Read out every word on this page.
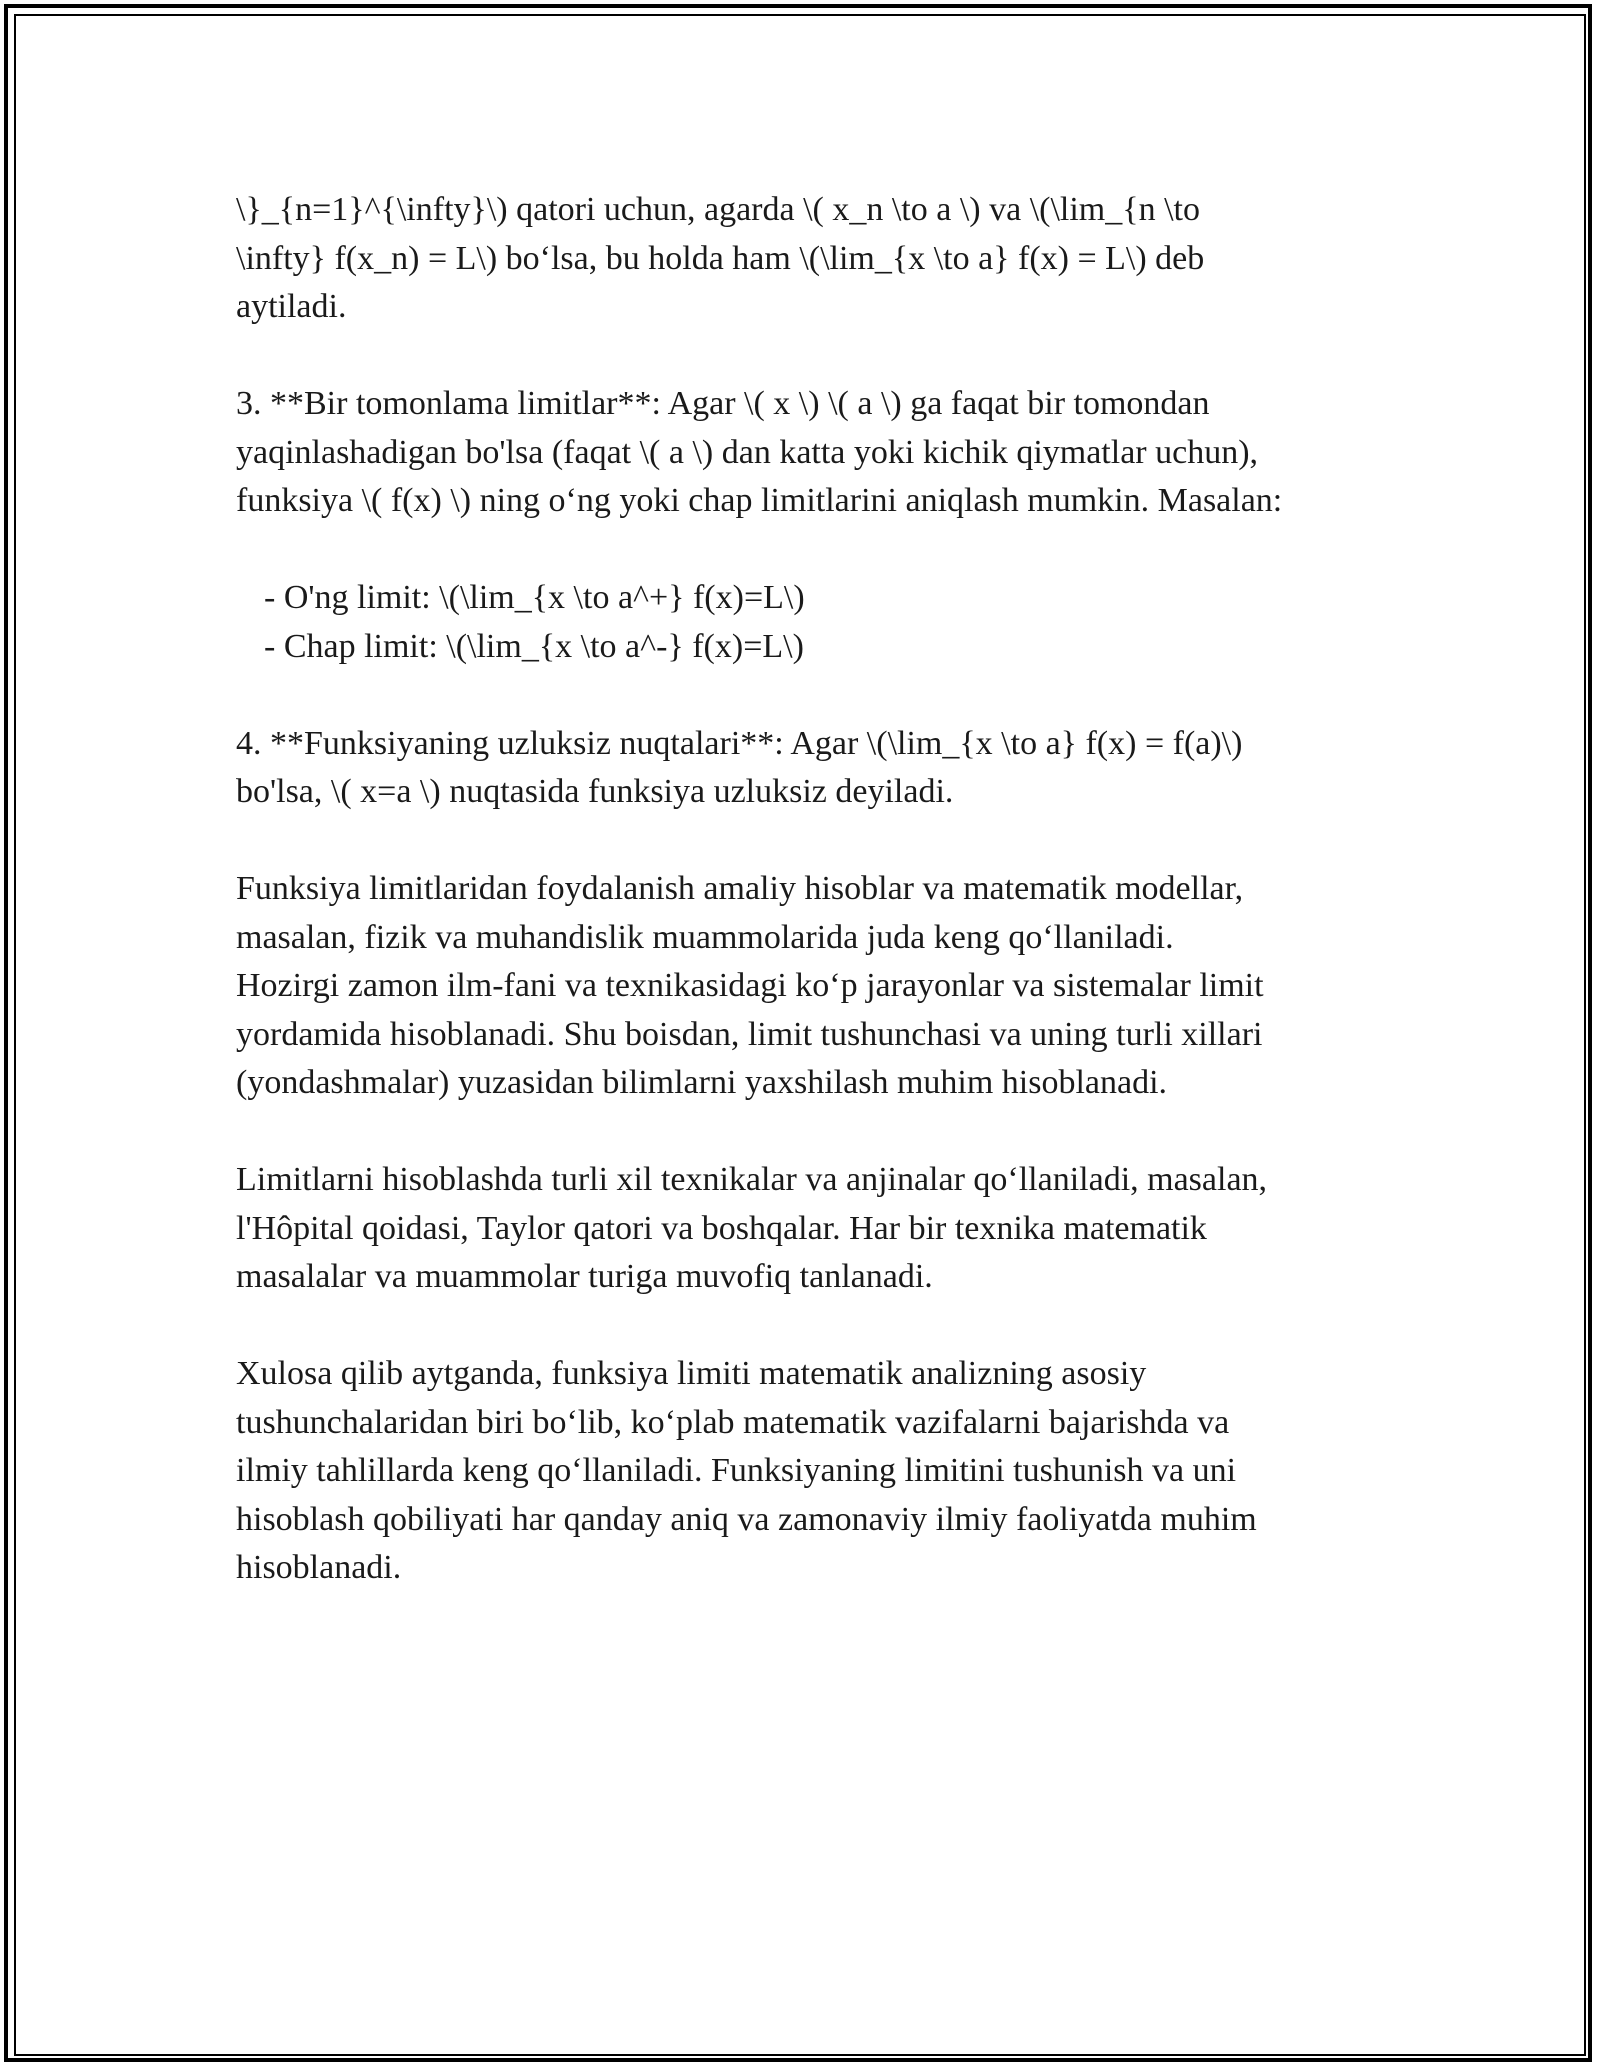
\}_{n=1}^{\infty}\) qatori uchun, agarda \( x_n \to a \) va \(\lim_{n \to
\infty} f(x_n) = L\) bo‘lsa, bu holda ham \(\lim_{x \to a} f(x) = L\) deb
aytiladi.

3. **Bir tomonlama limitlar**: Agar \( x \) \( a \) ga faqat bir tomondan
yaqinlashadigan bo'lsa (faqat \( a \) dan katta yoki kichik qiymatlar uchun),
funksiya \( f(x) \) ning o‘ng yoki chap limitlarini aniqlash mumkin. Masalan:

- O'ng limit: \(\lim_{x \to a^+} f(x)=L\)
- Chap limit: \(\lim_{x \to a^-} f(x)=L\)

4. **Funksiyaning uzluksiz nuqtalari**: Agar \(\lim_{x \to a} f(x) = f(a)\)
bo'lsa, \( x=a \) nuqtasida funksiya uzluksiz deyiladi.

Funksiya limitlaridan foydalanish amaliy hisoblar va matematik modellar,
masalan, fizik va muhandislik muammolarida juda keng qo‘llaniladi.
Hozirgi zamon ilm-fani va texnikasidagi ko‘p jarayonlar va sistemalar limit
yordamida hisoblanadi. Shu boisdan, limit tushunchasi va uning turli xillari
(yondashmalar) yuzasidan bilimlarni yaxshilash muhim hisoblanadi.

Limitlarni hisoblashda turli xil texnikalar va anjinalar qo‘llaniladi, masalan,
l'Hôpital qoidasi, Taylor qatori va boshqalar. Har bir texnika matematik
masalalar va muammolar turiga muvofiq tanlanadi.

Xulosa qilib aytganda, funksiya limiti matematik analizning asosiy
tushunchalaridan biri bo‘lib, ko‘plab matematik vazifalarni bajarishda va
ilmiy tahlillarda keng qo‘llaniladi. Funksiyaning limitini tushunish va uni
hisoblash qobiliyati har qanday aniq va zamonaviy ilmiy faoliyatda muhim
hisoblanadi.
